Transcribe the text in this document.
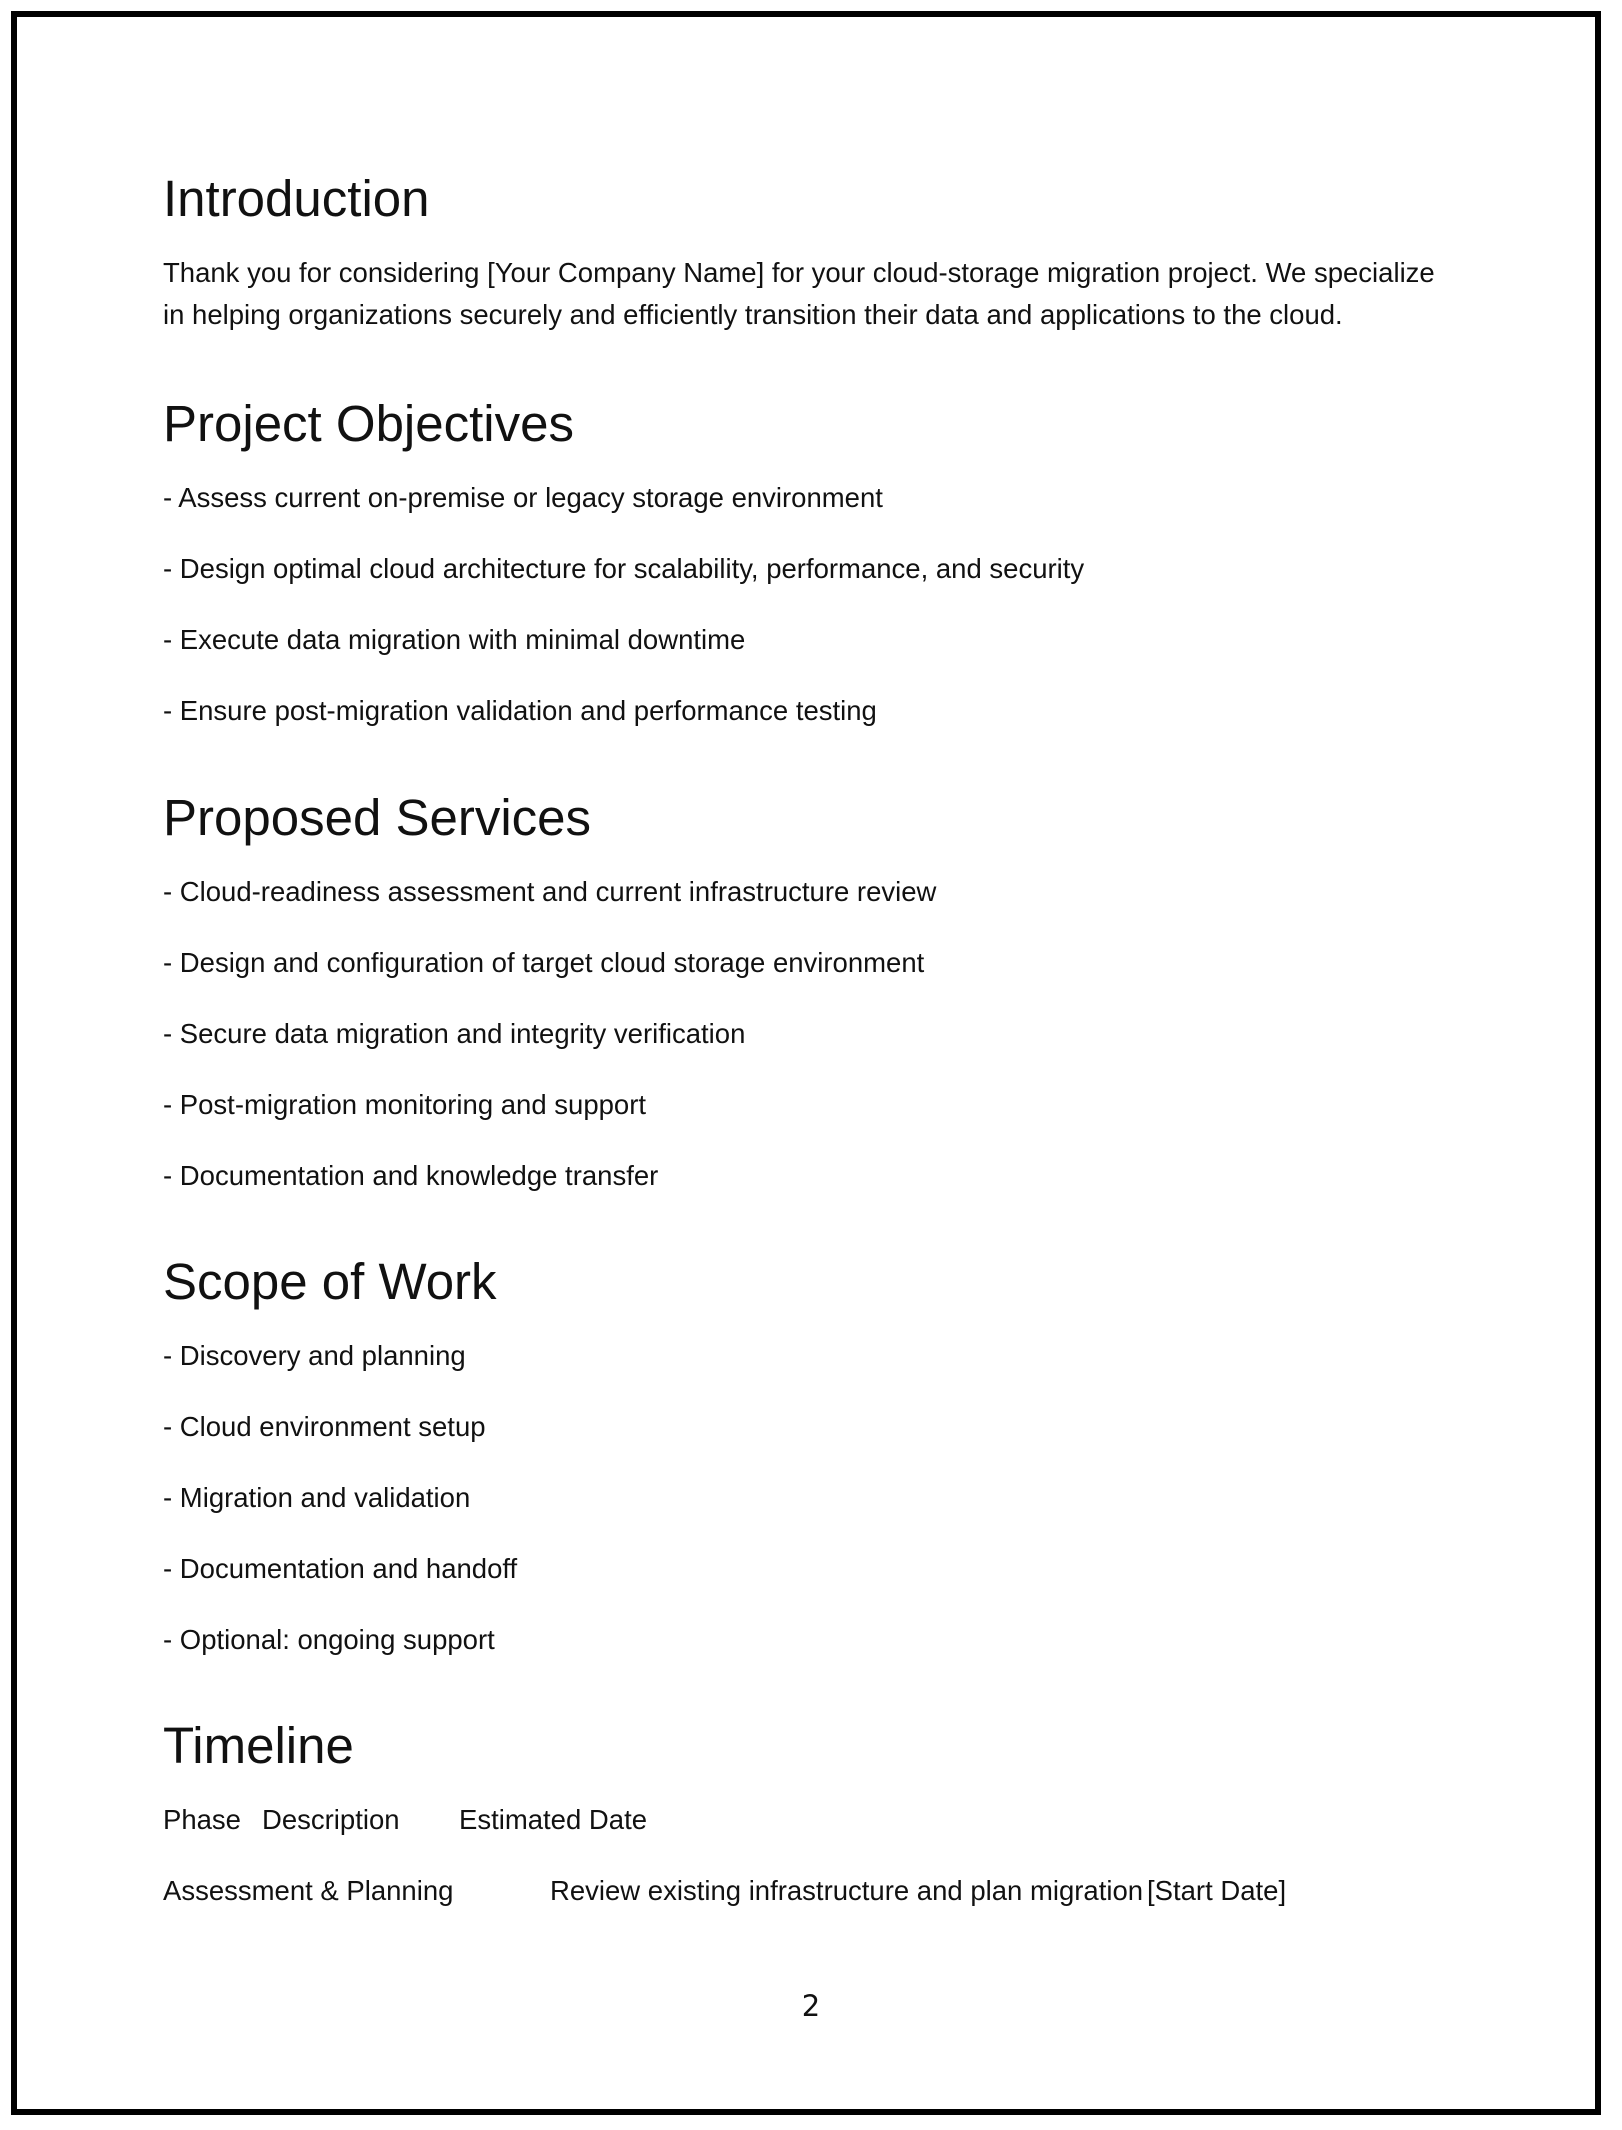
Introduction

Thank you for considering [Your Company Name] for your cloud-storage migration project. We specialize
in helping organizations securely and efficiently transition their data and applications to the cloud.

Project Objectives

- Assess current on-premise or legacy storage environment

- Design optimal cloud architecture for scalability, performance, and security

- Execute data migration with minimal downtime

- Ensure post-migration validation and performance testing

Proposed Services

- Cloud-readiness assessment and current infrastructure review

- Design and configuration of target cloud storage environment

- Secure data migration and integrity verification

- Post-migration monitoring and support

- Documentation and knowledge transfer

Scope of Work

- Discovery and planning

- Cloud environment setup

- Migration and validation

- Documentation and handoff

- Optional: ongoing support

Timeline
Phase Description Estimated Date
Assessment & Planning	Review existing infrastructure and plan migration [Start Date]
2
